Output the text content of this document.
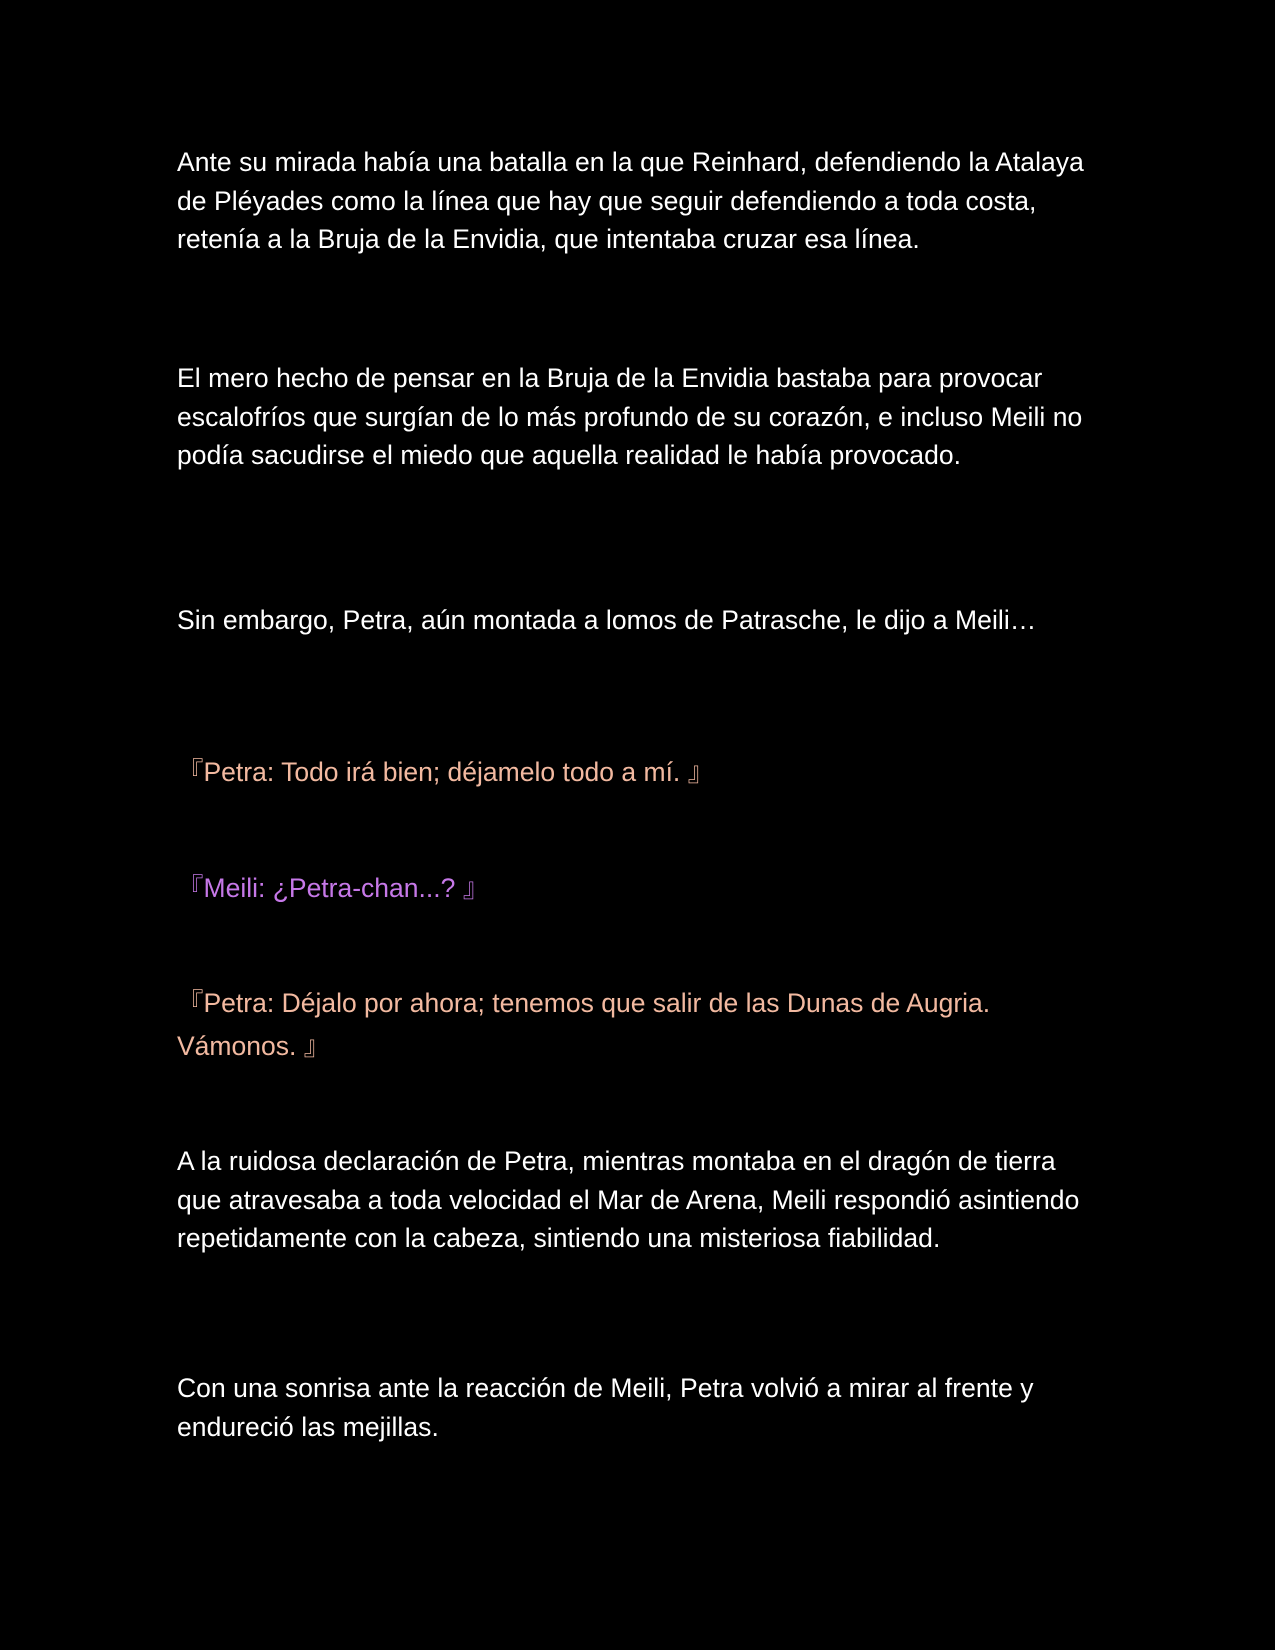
Ante su mirada había una batalla en la que Reinhard, defendiendo la Atalaya de Pléyades como la línea que hay que seguir defendiendo a toda costa, retenía a la Bruja de la Envidia, que intentaba cruzar esa línea.

El mero hecho de pensar en la Bruja de la Envidia bastaba para provocar escalofríos que surgían de lo más profundo de su corazón, e incluso Meili no podía sacudirse el miedo que aquella realidad le había provocado.

Sin embargo, Petra, aún montada a lomos de Patrasche, le dijo a Meili…

『Petra: Todo irá bien; déjamelo todo a mí. 』

『Meili: ¿Petra-chan...? 』

『Petra: Déjalo por ahora; tenemos que salir de las Dunas de Augria. Vámonos. 』

A la ruidosa declaración de Petra, mientras montaba en el dragón de tierra que atravesaba a toda velocidad el Mar de Arena, Meili respondió asintiendo repetidamente con la cabeza, sintiendo una misteriosa fiabilidad.

Con una sonrisa ante la reacción de Meili, Petra volvió a mirar al frente y endureció las mejillas.
